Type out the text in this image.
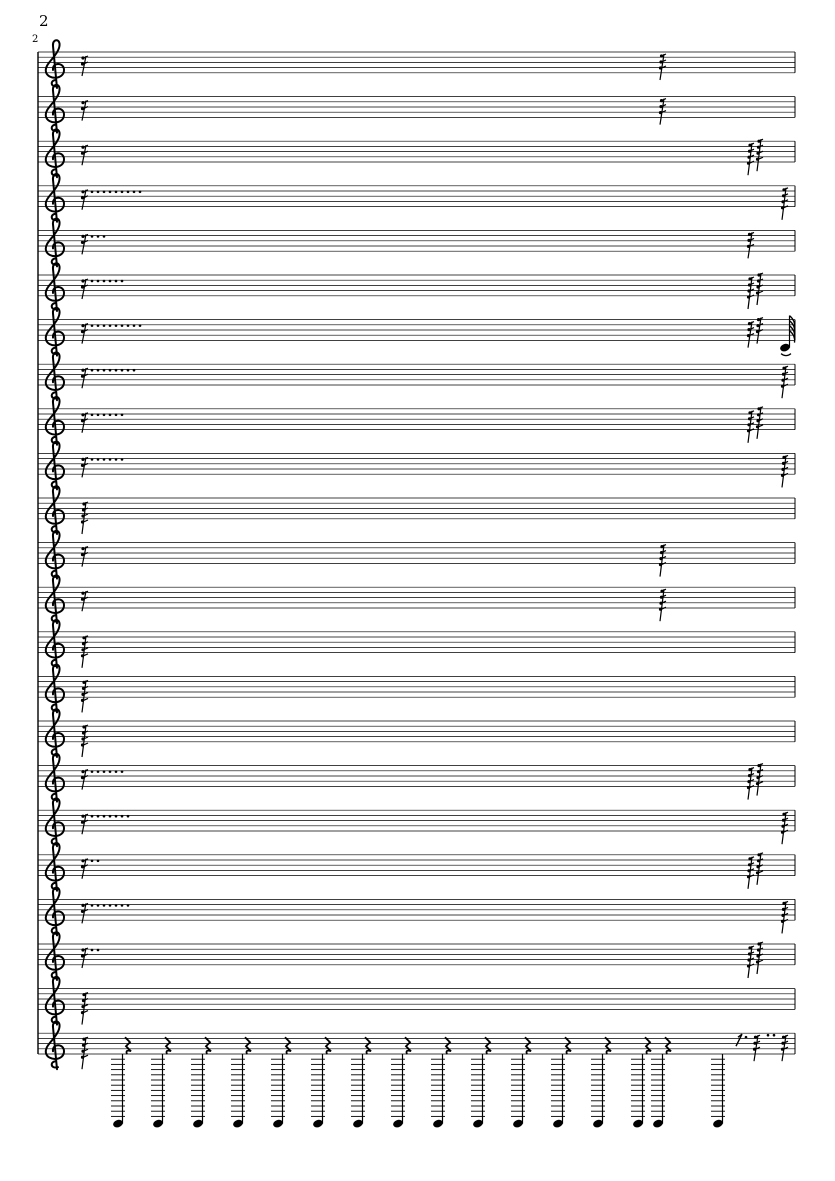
2
2
